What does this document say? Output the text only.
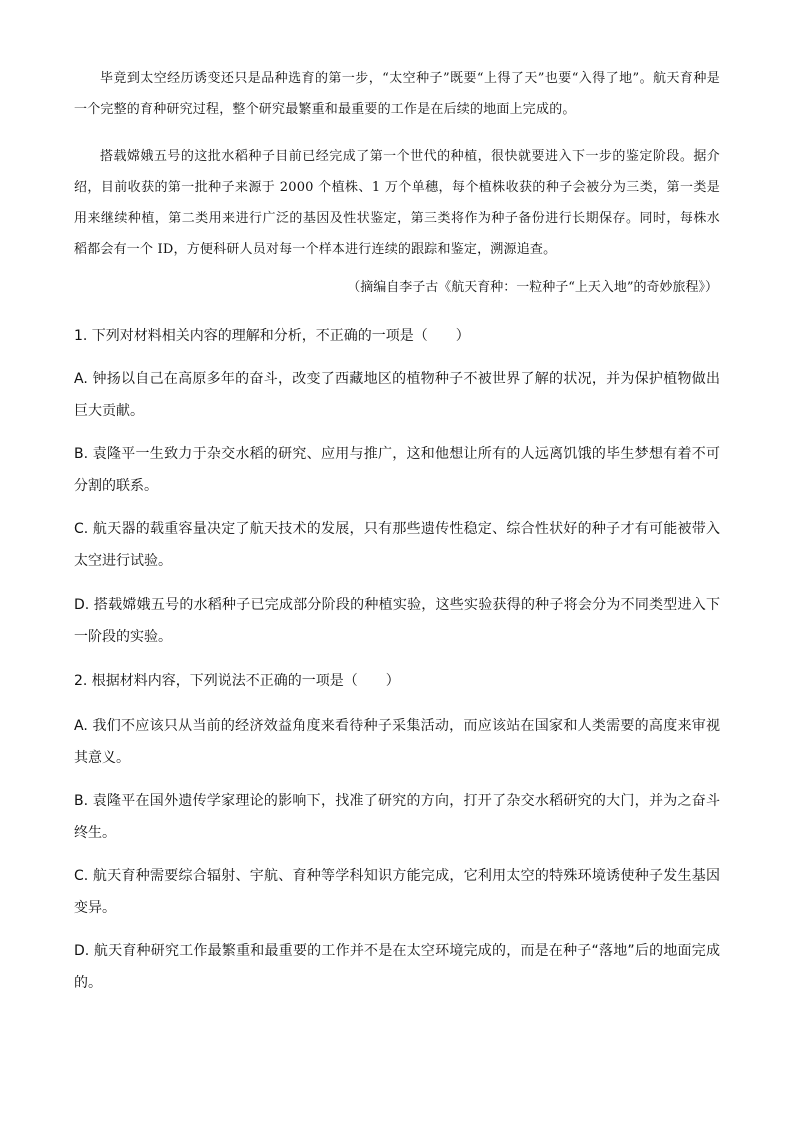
毕竟到太空经历诱变还只是品种选育的第一步，“太空种子”既要“上得了天”也要“入得了地”。航天育种是一个完整的育种研究过程，整个研究最繁重和最重要的工作是在后续的地面上完成的。

搭载嫦娥五号的这批水稻种子目前已经完成了第一个世代的种植，很快就要进入下一步的鉴定阶段。据介绍，目前收获的第一批种子来源于 2000 个植株、1 万个单穗，每个植株收获的种子会被分为三类，第一类是用来继续种植，第二类用来进行广泛的基因及性状鉴定，第三类将作为种子备份进行长期保存。同时，每株水稻都会有一个 ID，方便科研人员对每一个样本进行连续的跟踪和鉴定，溯源追查。

（摘编自李子古《航天育种：一粒种子“上天入地”的奇妙旅程》）

1. 下列对材料相关内容的理解和分析，不正确的一项是（　　）

A. 钟扬以自己在高原多年的奋斗，改变了西藏地区的植物种子不被世界了解的状况，并为保护植物做出巨大贡献。

B. 袁隆平一生致力于杂交水稻的研究、应用与推广，这和他想让所有的人远离饥饿的毕生梦想有着不可分割的联系。

C. 航天器的载重容量决定了航天技术的发展，只有那些遗传性稳定、综合性状好的种子才有可能被带入太空进行试验。

D. 搭载嫦娥五号的水稻种子已完成部分阶段的种植实验，这些实验获得的种子将会分为不同类型进入下一阶段的实验。

2. 根据材料内容，下列说法不正确的一项是（　　）

A. 我们不应该只从当前的经济效益角度来看待种子采集活动，而应该站在国家和人类需要的高度来审视其意义。

B. 袁隆平在国外遗传学家理论的影响下，找准了研究的方向，打开了杂交水稻研究的大门，并为之奋斗终生。

C. 航天育种需要综合辐射、宇航、育种等学科知识方能完成，它利用太空的特殊环境诱使种子发生基因变异。

D. 航天育种研究工作最繁重和最重要的工作并不是在太空环境完成的，而是在种子“落地”后的地面完成的。
